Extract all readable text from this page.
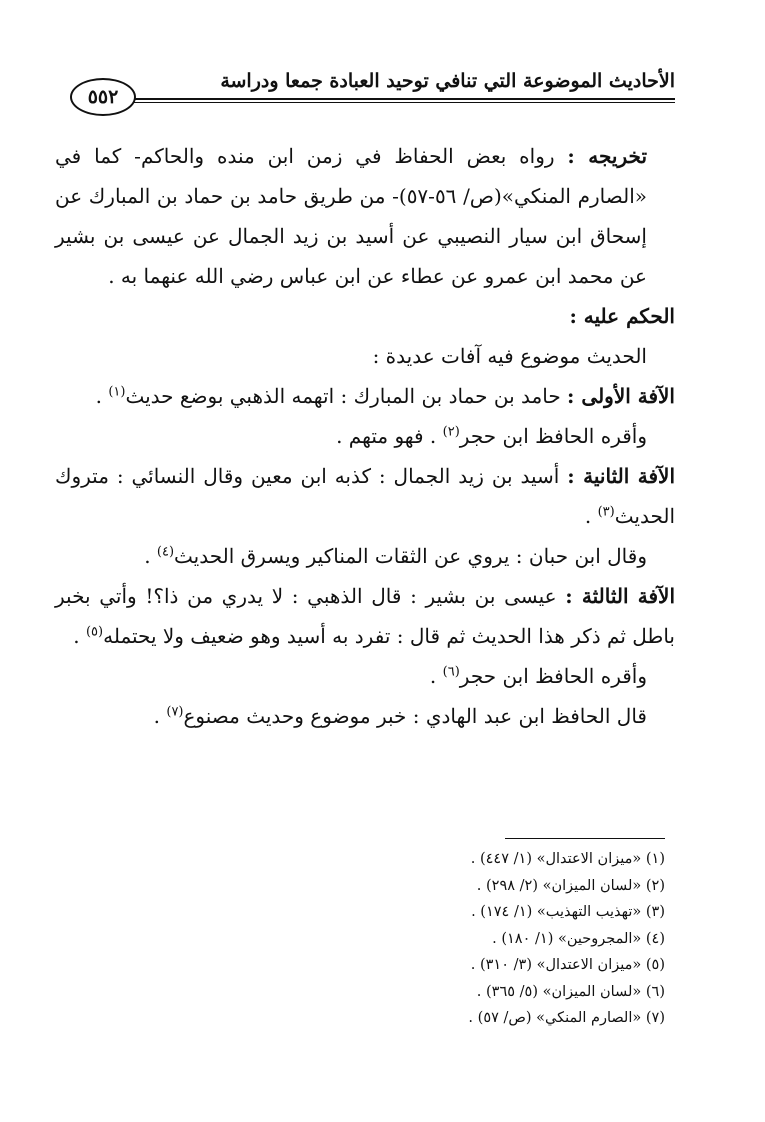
الأحاديث الموضوعة التي تنافي توحيد العبادة جمعا ودراسة
٥٥٢

تخريجه : رواه بعض الحفاظ في زمن ابن منده والحاكم- كما في «الصارم المنكي»(ص/ ٥٦-٥٧)- من طريق حامد بن حماد بن المبارك عن إسحاق ابن سيار النصيبي عن أسيد بن زيد الجمال عن عيسى بن بشير عن محمد ابن عمرو عن عطاء عن ابن عباس رضي الله عنهما به .

الحكم عليه :

الحديث موضوع فيه آفات عديدة :

الآفة الأولى : حامد بن حماد بن المبارك : اتهمه الذهبي بوضع حديث$^{(١)}$ .

وأقره الحافظ ابن حجر$^{(٢)}$ . فهو متهم .

الآفة الثانية : أسيد بن زيد الجمال : كذبه ابن معين وقال النسائي : متروك الحديث$^{(٣)}$ .

وقال ابن حبان : يروي عن الثقات المناكير ويسرق الحديث$^{(٤)}$ .

الآفة الثالثة : عيسى بن بشير : قال الذهبي : لا يدري من ذا؟! وأتي بخبر باطل ثم ذكر هذا الحديث ثم قال : تفرد به أسيد وهو ضعيف ولا يحتمله$^{(٥)}$ .

وأقره الحافظ ابن حجر$^{(٦)}$ .

قال الحافظ ابن عبد الهادي : خبر موضوع وحديث مصنوع$^{(٧)}$ .

(١) «ميزان الاعتدال» (١/ ٤٤٧) .
(٢) «لسان الميزان» (٢/ ٢٩٨) .
(٣) «تهذيب التهذيب» (١/ ١٧٤) .
(٤) «المجروحين» (١/ ١٨٠) .
(٥) «ميزان الاعتدال» (٣/ ٣١٠) .
(٦) «لسان الميزان» (٥/ ٣٦٥) .
(٧) «الصارم المنكي» (ص/ ٥٧) .
